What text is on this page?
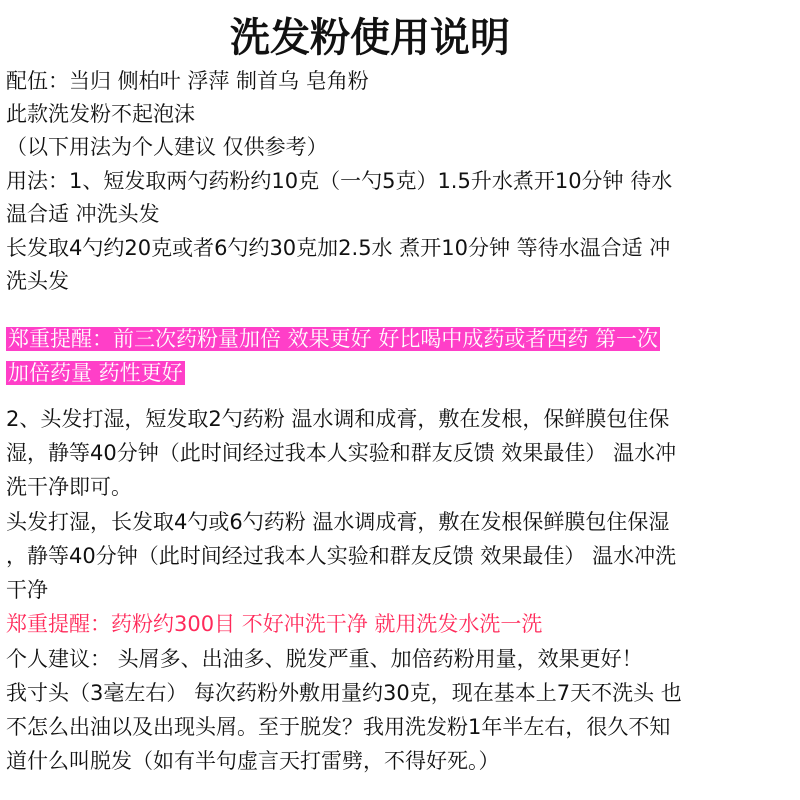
洗发粉使用说明
配伍：当归 侧柏叶 浮萍 制首乌 皂角粉
此款洗发粉不起泡沫
（以下用法为个人建议 仅供参考）
用法：1、短发取两勺药粉约10克（一勺5克）1.5升水煮开10分钟 待水
温合适 冲洗头发
长发取4勺约20克或者6勺约30克加2.5水 煮开10分钟 等待水温合适 冲
洗头发
郑重提醒：前三次药粉量加倍 效果更好 好比喝中成药或者西药 第一次
加倍药量 药性更好
2、头发打湿，短发取2勺药粉 温水调和成膏，敷在发根，保鲜膜包住保
湿，静等40分钟（此时间经过我本人实验和群友反馈 效果最佳） 温水冲
洗干净即可。
头发打湿，长发取4勺或6勺药粉 温水调成膏，敷在发根保鲜膜包住保湿
，静等40分钟（此时间经过我本人实验和群友反馈 效果最佳） 温水冲洗
干净
郑重提醒：药粉约300目 不好冲洗干净 就用洗发水洗一洗
个人建议： 头屑多、出油多、脱发严重、加倍药粉用量，效果更好！
我寸头（3毫左右） 每次药粉外敷用量约30克，现在基本上7天不洗头 也
不怎么出油以及出现头屑。至于脱发？我用洗发粉1年半左右，很久不知
道什么叫脱发（如有半句虚言天打雷劈，不得好死。）
